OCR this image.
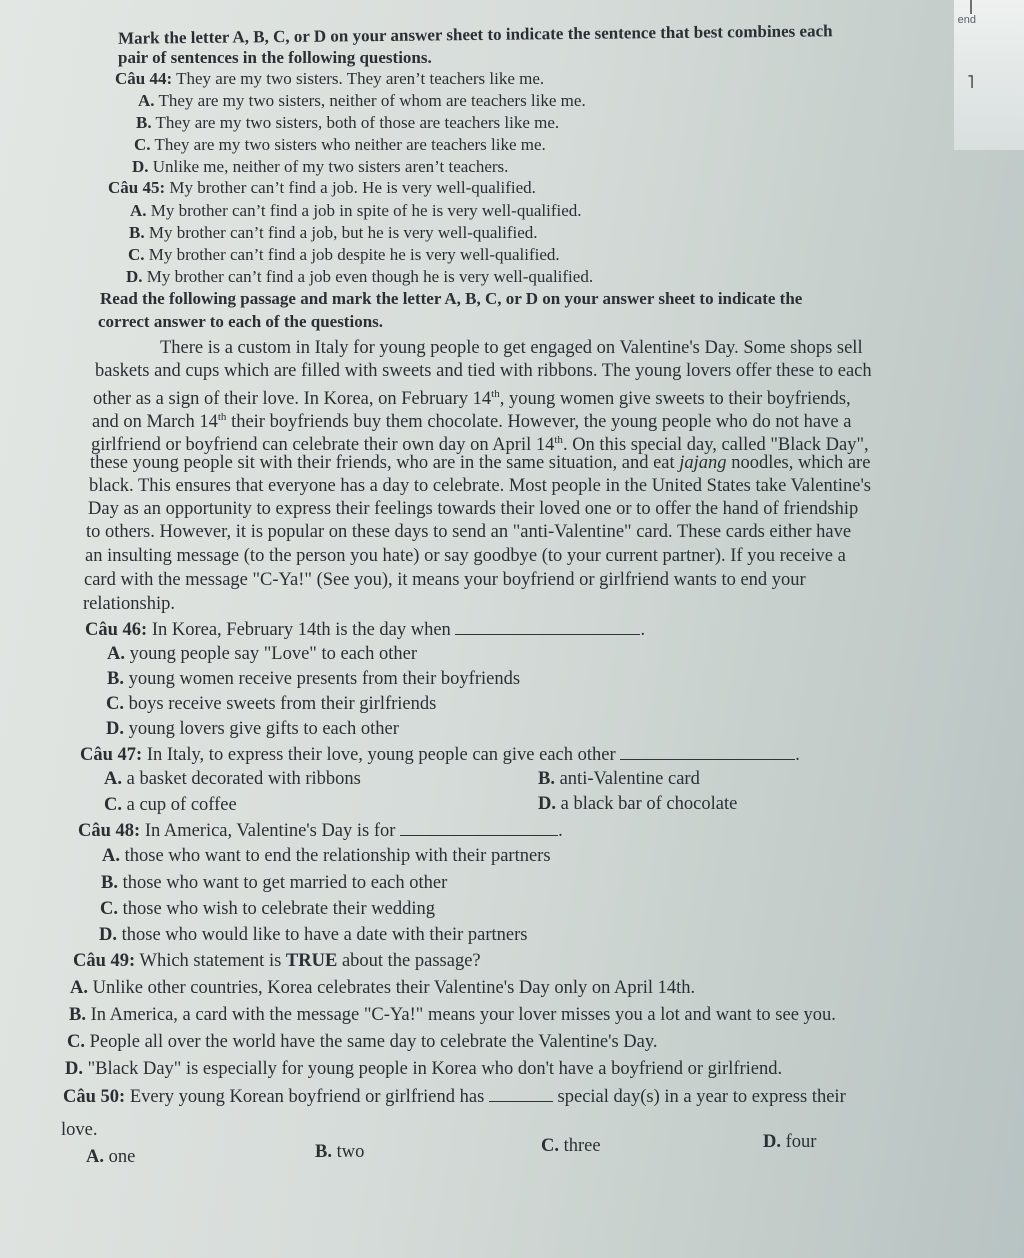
end
˥
Mark the letter A, B, C, or D on your answer sheet to indicate the sentence that best combines each
pair of sentences in the following questions.
Câu 44: They are my two sisters. They aren’t teachers like me.
A. They are my two sisters, neither of whom are teachers like me.
B. They are my two sisters, both of those are teachers like me.
C. They are my two sisters who neither are teachers like me.
D. Unlike me, neither of my two sisters aren’t teachers.
Câu 45: My brother can’t find a job. He is very well-qualified.
A. My brother can’t find a job in spite of he is very well-qualified.
B. My brother can’t find a job, but he is very well-qualified.
C. My brother can’t find a job despite he is very well-qualified.
D. My brother can’t find a job even though he is very well-qualified.
Read the following passage and mark the letter A, B, C, or D on your answer sheet to indicate the
correct answer to each of the questions.
There is a custom in Italy for young people to get engaged on Valentine's Day. Some shops sell
baskets and cups which are filled with sweets and tied with ribbons. The young lovers offer these to each
other as a sign of their love. In Korea, on February 14th, young women give sweets to their boyfriends,
and on March 14th their boyfriends buy them chocolate. However, the young people who do not have a
girlfriend or boyfriend can celebrate their own day on April 14th. On this special day, called "Black Day",
these young people sit with their friends, who are in the same situation, and eat jajang noodles, which are
black. This ensures that everyone has a day to celebrate. Most people in the United States take Valentine's
Day as an opportunity to express their feelings towards their loved one or to offer the hand of friendship
to others. However, it is popular on these days to send an "anti-Valentine" card. These cards either have
an insulting message (to the person you hate) or say goodbye (to your current partner). If you receive a
card with the message "C-Ya!" (See you), it means your boyfriend or girlfriend wants to end your
relationship.
Câu 46: In Korea, February 14th is the day when	.
A. young people say "Love" to each other
B. young women receive presents from their boyfriends
C. boys receive sweets from their girlfriends
D. young lovers give gifts to each other
Câu 47: In Italy, to express their love, young people can give each other	.
A. a basket decorated with ribbons	B. anti-Valentine card
C. a cup of coffee	D. a black bar of chocolate
Câu 48: In America, Valentine's Day is for	.
A. those who want to end the relationship with their partners
B. those who want to get married to each other
C. those who wish to celebrate their wedding
D. those who would like to have a date with their partners
Câu 49: Which statement is TRUE about the passage?
A. Unlike other countries, Korea celebrates their Valentine's Day only on April 14th.
B. In America, a card with the message "C-Ya!" means your lover misses you a lot and want to see you.
C. People all over the world have the same day to celebrate the Valentine's Day.
D. "Black Day" is especially for young people in Korea who don't have a boyfriend or girlfriend.
Câu 50: Every young Korean boyfriend or girlfriend has	special day(s) in a year to express their
love.
A. one	B. two	C. three	D. four
